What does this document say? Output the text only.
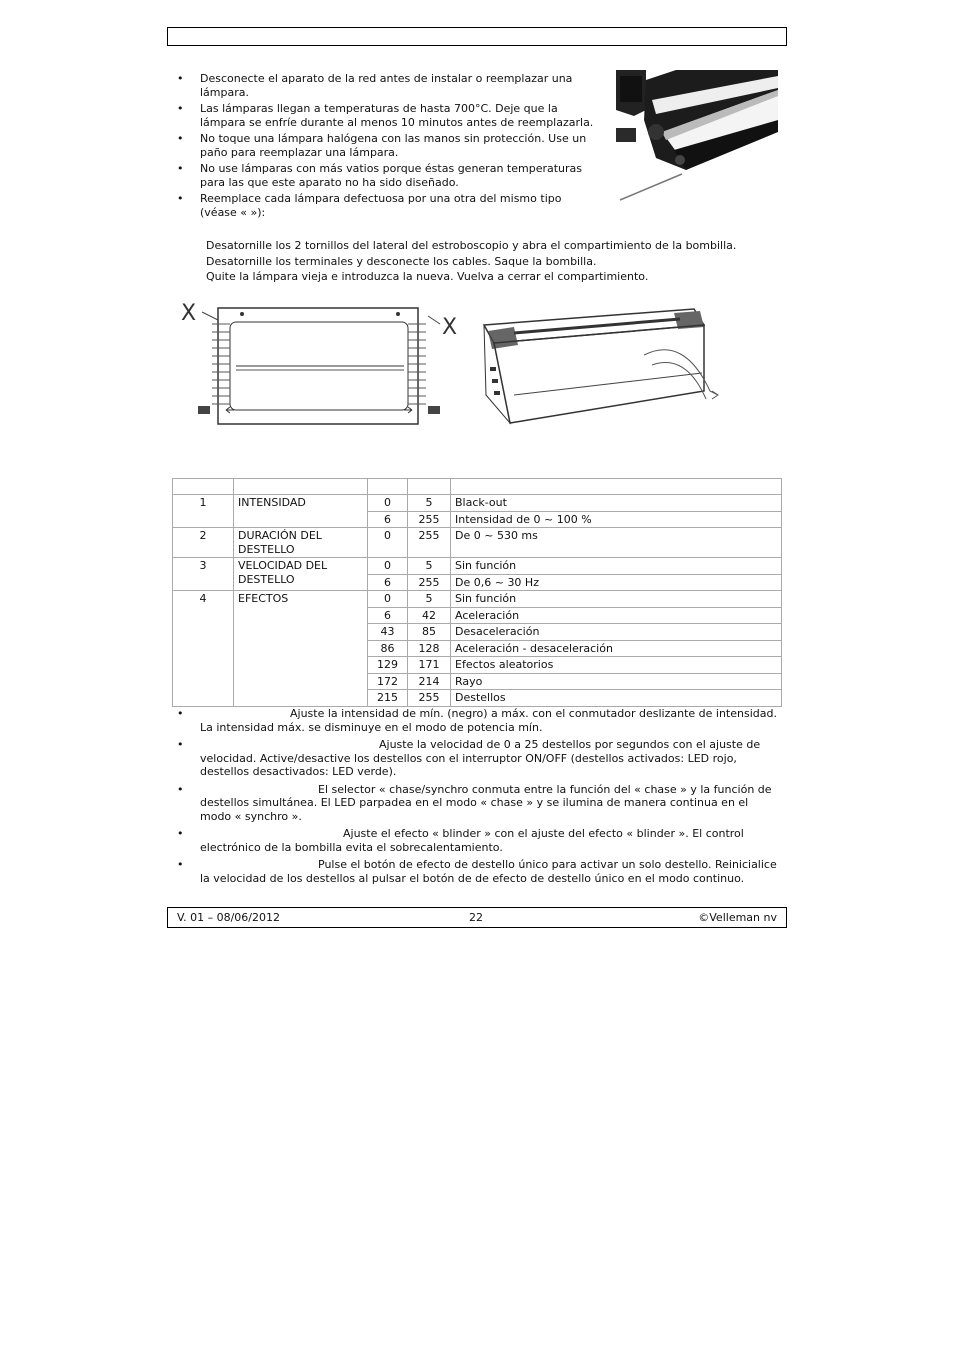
• Desconecte el aparato de la red antes de instalar o reemplazar una lámpara.
• Las lámparas llegan a temperaturas de hasta 700°C. Deje que la lámpara se enfríe durante al menos 10 minutos antes de reemplazarla.
• No toque una lámpara halógena con las manos sin protección. Use un paño para reemplazar una lámpara.
• No use lámparas con más vatios porque éstas generan temperaturas para las que este aparato no ha sido diseñado.
• Reemplace cada lámpara defectuosa por una otra del mismo tipo (véase « »):
Desatornille los 2 tornillos del lateral del estroboscopio y abra el compartimiento de la bombilla.
Desatornille los terminales y desconecte los cables. Saque la bombilla.
Quite la lámpara vieja e introduzca la nueva. Vuelva a cerrar el compartimiento.
X
X

1	INTENSIDAD	0	5	Black-out
		6	255	Intensidad de 0 ~ 100 %
2	DURACIÓN DEL DESTELLO	0	255	De 0 ~ 530 ms
3	VELOCIDAD DEL DESTELLO	0	5	Sin función
		6	255	De 0,6 ~ 30 Hz
4	EFECTOS	0	5	Sin función
		6	42	Aceleración
		43	85	Desaceleración
		86	128	Aceleración - desaceleración
		129	171	Efectos aleatorios
		172	214	Rayo
		215	255	Destellos
•	Ajuste la intensidad de mín. (negro) a máx. con el conmutador deslizante de intensidad. La intensidad máx. se disminuye en el modo de potencia mín.
•	Ajuste la velocidad de 0 a 25 destellos por segundos con el ajuste de velocidad. Active/desactive los destellos con el interruptor ON/OFF (destellos activados: LED rojo, destellos desactivados: LED verde).
•	El selector « chase/synchro conmuta entre la función del « chase » y la función de destellos simultánea. El LED parpadea en el modo « chase » y se ilumina de manera continua en el modo « synchro ».
•	Ajuste el efecto « blinder » con el ajuste del efecto « blinder ». El control electrónico de la bombilla evita el sobrecalentamiento.
•	Pulse el botón de efecto de destello único para activar un solo destello. Reinicialice la velocidad de los destellos al pulsar el botón de de efecto de destello único en el modo continuo.
V. 01 – 08/06/2012	22	©Velleman nv
